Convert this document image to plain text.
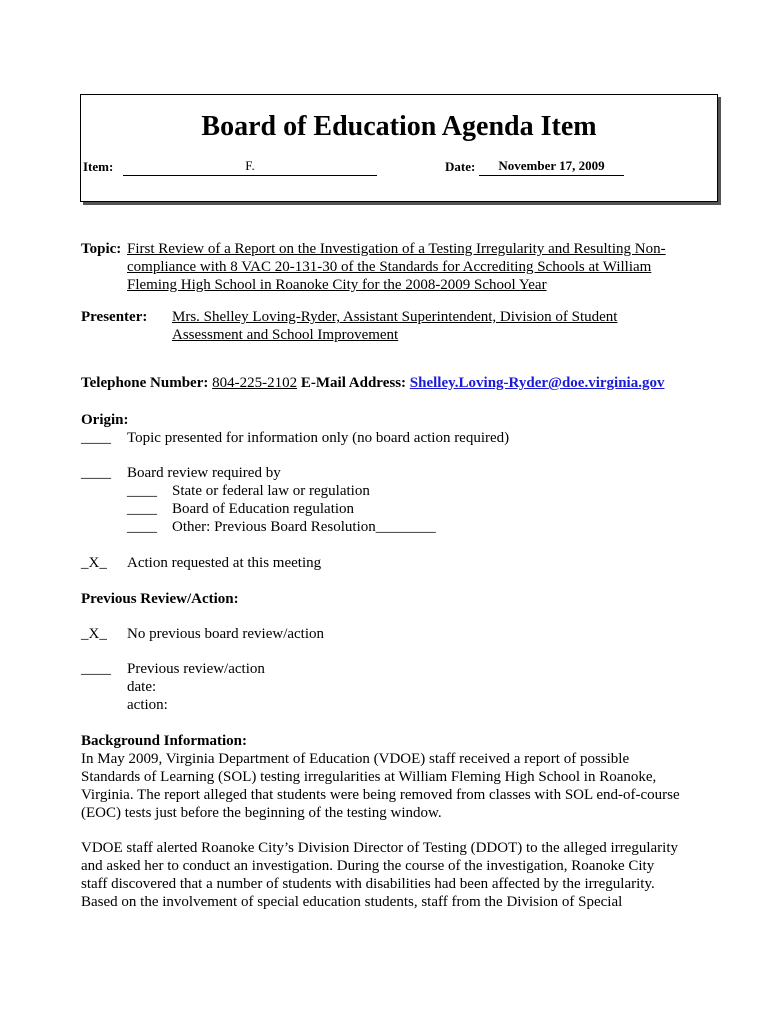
Board of Education Agenda Item
Item:	F.	Date:	November 17, 2009
Topic: First Review of a Report on the Investigation of a Testing Irregularity and Resulting Non-
compliance with 8 VAC 20-131-30 of the Standards for Accrediting Schools at William
Fleming High School in Roanoke City for the 2008-2009 School Year
Presenter: Mrs. Shelley Loving-Ryder, Assistant Superintendent, Division of Student
Assessment and School Improvement
Telephone Number: 804-225-2102 E-Mail Address: Shelley.Loving-Ryder@doe.virginia.gov
Origin:
____ Topic presented for information only (no board action required)
____ Board review required by
____ State or federal law or regulation
____ Board of Education regulation
____ Other: Previous Board Resolution________
_X_ Action requested at this meeting
Previous Review/Action:
_X_ No previous board review/action
____ Previous review/action
date:
action:
Background Information:
In May 2009, Virginia Department of Education (VDOE) staff received a report of possible
Standards of Learning (SOL) testing irregularities at William Fleming High School in Roanoke,
Virginia. The report alleged that students were being removed from classes with SOL end-of-course
(EOC) tests just before the beginning of the testing window.
VDOE staff alerted Roanoke City’s Division Director of Testing (DDOT) to the alleged irregularity
and asked her to conduct an investigation. During the course of the investigation, Roanoke City
staff discovered that a number of students with disabilities had been affected by the irregularity.
Based on the involvement of special education students, staff from the Division of Special
